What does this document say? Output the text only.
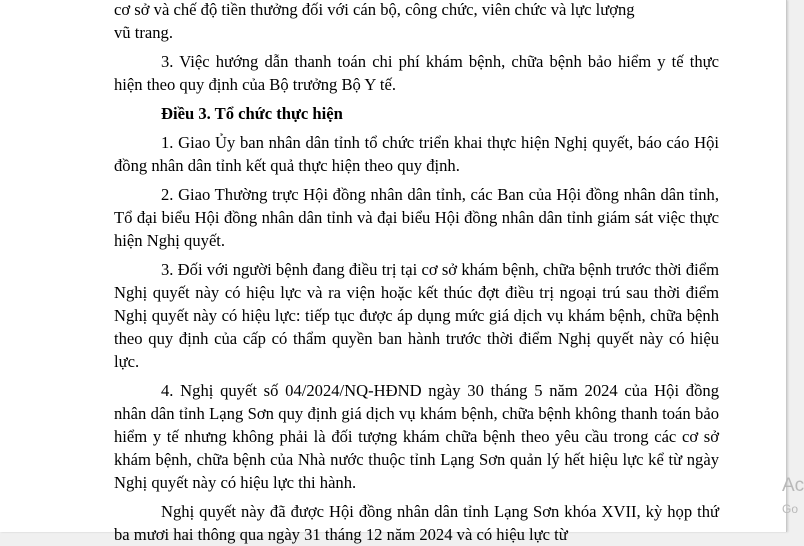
cơ sở và chế độ tiền thưởng đối với cán bộ, công chức, viên chức và lực lượng

vũ trang.

3. Việc hướng dẫn thanh toán chi phí khám bệnh, chữa bệnh bảo hiểm y tế thực hiện theo quy định của Bộ trưởng Bộ Y tế.

Điều 3. Tổ chức thực hiện

1. Giao Ủy ban nhân dân tỉnh tổ chức triển khai thực hiện Nghị quyết, báo cáo Hội đồng nhân dân tỉnh kết quả thực hiện theo quy định.

2. Giao Thường trực Hội đồng nhân dân tỉnh, các Ban của Hội đồng nhân dân tỉnh, Tổ đại biểu Hội đồng nhân dân tỉnh và đại biểu Hội đồng nhân dân tỉnh giám sát việc thực hiện Nghị quyết.

3. Đối với người bệnh đang điều trị tại cơ sở khám bệnh, chữa bệnh trước thời điểm Nghị quyết này có hiệu lực và ra viện hoặc kết thúc đợt điều trị ngoại trú sau thời điểm Nghị quyết này có hiệu lực: tiếp tục được áp dụng mức giá dịch vụ khám bệnh, chữa bệnh theo quy định của cấp có thẩm quyền ban hành trước thời điểm Nghị quyết này có hiệu lực.

4. Nghị quyết số 04/2024/NQ-HĐND ngày 30 tháng 5 năm 2024 của Hội đồng nhân dân tỉnh Lạng Sơn quy định giá dịch vụ khám bệnh, chữa bệnh không thanh toán bảo hiểm y tế nhưng không phải là đối tượng khám chữa bệnh theo yêu cầu trong các cơ sở khám bệnh, chữa bệnh của Nhà nước thuộc tỉnh Lạng Sơn quản lý hết hiệu lực kể từ ngày Nghị quyết này có hiệu lực thi hành.

Nghị quyết này đã được Hội đồng nhân dân tỉnh Lạng Sơn khóa XVII, kỳ họp thứ ba mươi hai thông qua ngày 31 tháng 12 năm 2024 và có hiệu lực từ

Ac
Go
